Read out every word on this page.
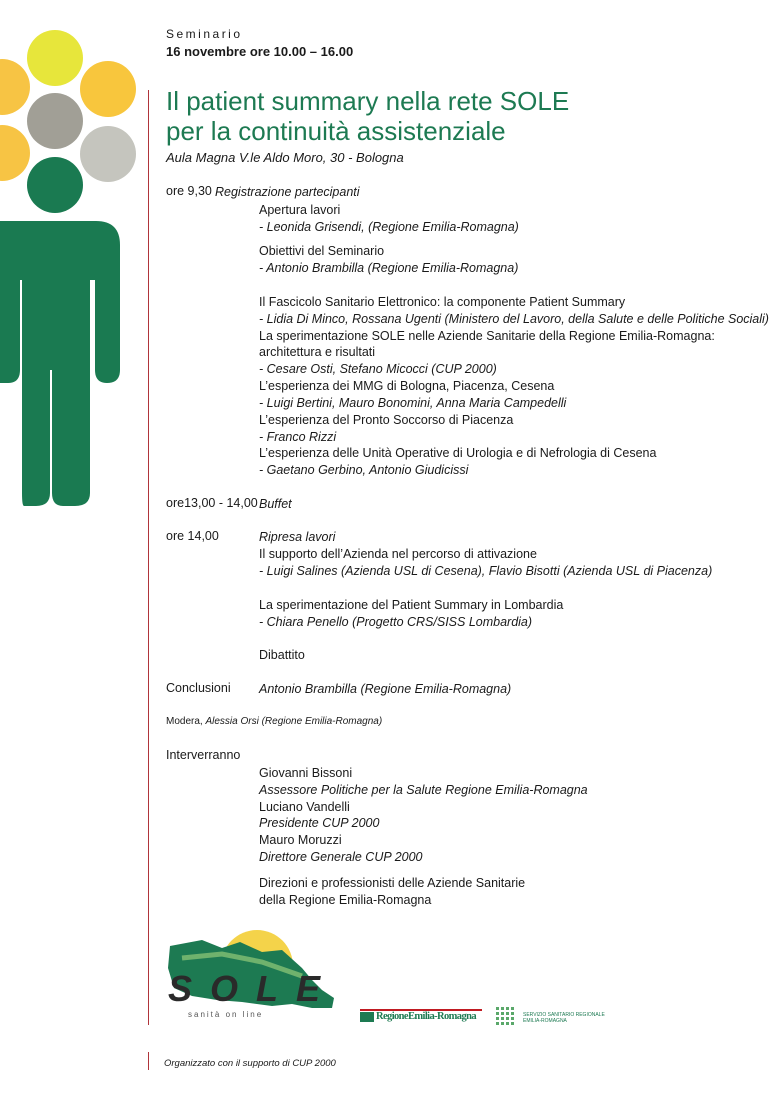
Seminario
16 novembre ore 10.00 – 16.00
Il patient summary nella rete SOLE
per la continuità assistenziale
Aula Magna V.le Aldo Moro, 30 - Bologna
ore 9,30 Registrazione partecipanti
Apertura lavori
- Leonida Grisendi, (Regione Emilia-Romagna)
Obiettivi del Seminario
- Antonio Brambilla (Regione Emilia-Romagna)
Il Fascicolo Sanitario Elettronico: la componente Patient Summary
- Lidia Di Minco, Rossana Ugenti (Ministero del Lavoro, della Salute e delle Politiche Sociali)
La sperimentazione SOLE nelle Aziende Sanitarie della Regione Emilia-Romagna:
architettura e risultati
- Cesare Osti, Stefano Micocci (CUP 2000)
L’esperienza dei MMG di Bologna, Piacenza, Cesena
- Luigi Bertini, Mauro Bonomini, Anna Maria Campedelli
L’esperienza del Pronto Soccorso di Piacenza
- Franco Rizzi
L’esperienza delle Unità Operative di Urologia e di Nefrologia di Cesena
- Gaetano Gerbino, Antonio Giudicissi
ore13,00 - 14,00 Buffet
ore 14,00	Ripresa lavori
Il supporto dell’Azienda nel percorso di attivazione
- Luigi Salines (Azienda USL di Cesena), Flavio Bisotti (Azienda USL di Piacenza)
La sperimentazione del Patient Summary in Lombardia
- Chiara Penello (Progetto CRS/SISS Lombardia)
Dibattito
Conclusioni Antonio Brambilla (Regione Emilia-Romagna)
Modera, Alessia Orsi (Regione Emilia-Romagna)
Interverranno
Giovanni Bissoni
Assessore Politiche per la Salute Regione Emilia-Romagna
Luciano Vandelli
Presidente CUP 2000
Mauro Moruzzi
Direttore Generale CUP 2000
Direzioni e professionisti delle Aziende Sanitarie
della Regione Emilia-Romagna
SOLE
sanità on line	RegioneEmilia-Romagna	SERVIZIO SANITARIO REGIONALE
EMILIA-ROMAGNA
Organizzato con il supporto di CUP 2000
